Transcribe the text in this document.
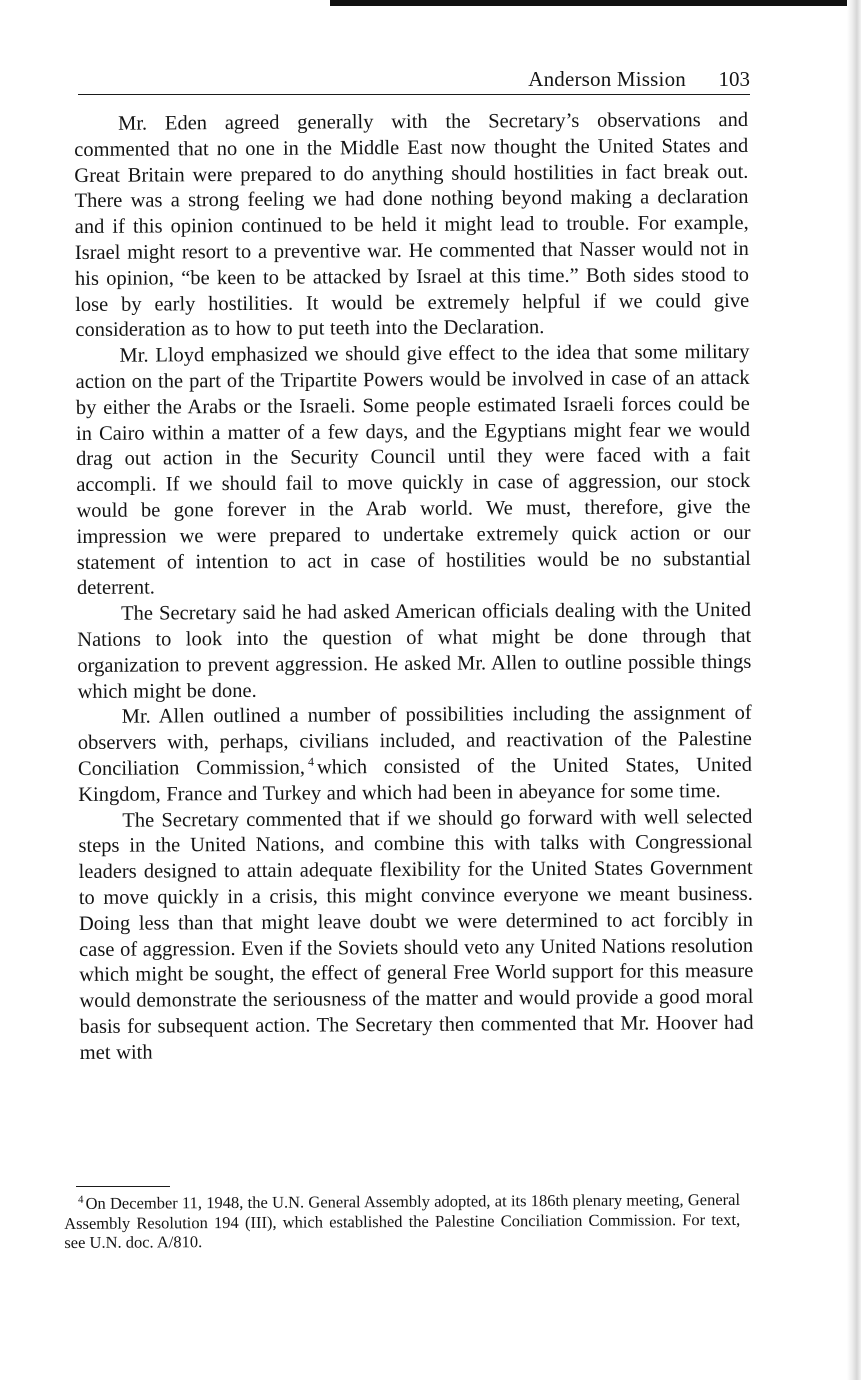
Anderson Mission 103

Mr. Eden agreed generally with the Secretary’s observations and commented that no one in the Middle East now thought the United States and Great Britain were prepared to do anything should hostilities in fact break out. There was a strong feeling we had done nothing beyond making a declaration and if this opinion continued to be held it might lead to trouble. For example, Israel might resort to a preventive war. He commented that Nasser would not in his opinion, “be keen to be attacked by Israel at this time.” Both sides stood to lose by early hostilities. It would be extremely helpful if we could give consideration as to how to put teeth into the Declaration.

Mr. Lloyd emphasized we should give effect to the idea that some military action on the part of the Tripartite Powers would be involved in case of an attack by either the Arabs or the Israeli. Some people estimated Israeli forces could be in Cairo within a matter of a few days, and the Egyptians might fear we would drag out action in the Security Council until they were faced with a fait accompli. If we should fail to move quickly in case of aggression, our stock would be gone forever in the Arab world. We must, therefore, give the impression we were prepared to undertake extremely quick action or our statement of intention to act in case of hostilities would be no substantial deterrent.

The Secretary said he had asked American officials dealing with the United Nations to look into the question of what might be done through that organization to prevent aggression. He asked Mr. Allen to outline possible things which might be done.

Mr. Allen outlined a number of possibilities including the assignment of observers with, perhaps, civilians included, and reactivation of the Palestine Conciliation Commission, $^4$ which consisted of the United States, United Kingdom, France and Turkey and which had been in abeyance for some time.

The Secretary commented that if we should go forward with well selected steps in the United Nations, and combine this with talks with Congressional leaders designed to attain adequate flexibility for the United States Government to move quickly in a crisis, this might convince everyone we meant business. Doing less than that might leave doubt we were determined to act forcibly in case of aggression. Even if the Soviets should veto any United Nations resolution which might be sought, the effect of general Free World support for this measure would demonstrate the seriousness of the matter and would provide a good moral basis for subsequent action. The Secretary then commented that Mr. Hoover had met with

$^4$ On December 11, 1948, the U.N. General Assembly adopted, at its 186th plenary meeting, General Assembly Resolution 194 (III), which established the Palestine Conciliation Commission. For text, see U.N. doc. A/810.
